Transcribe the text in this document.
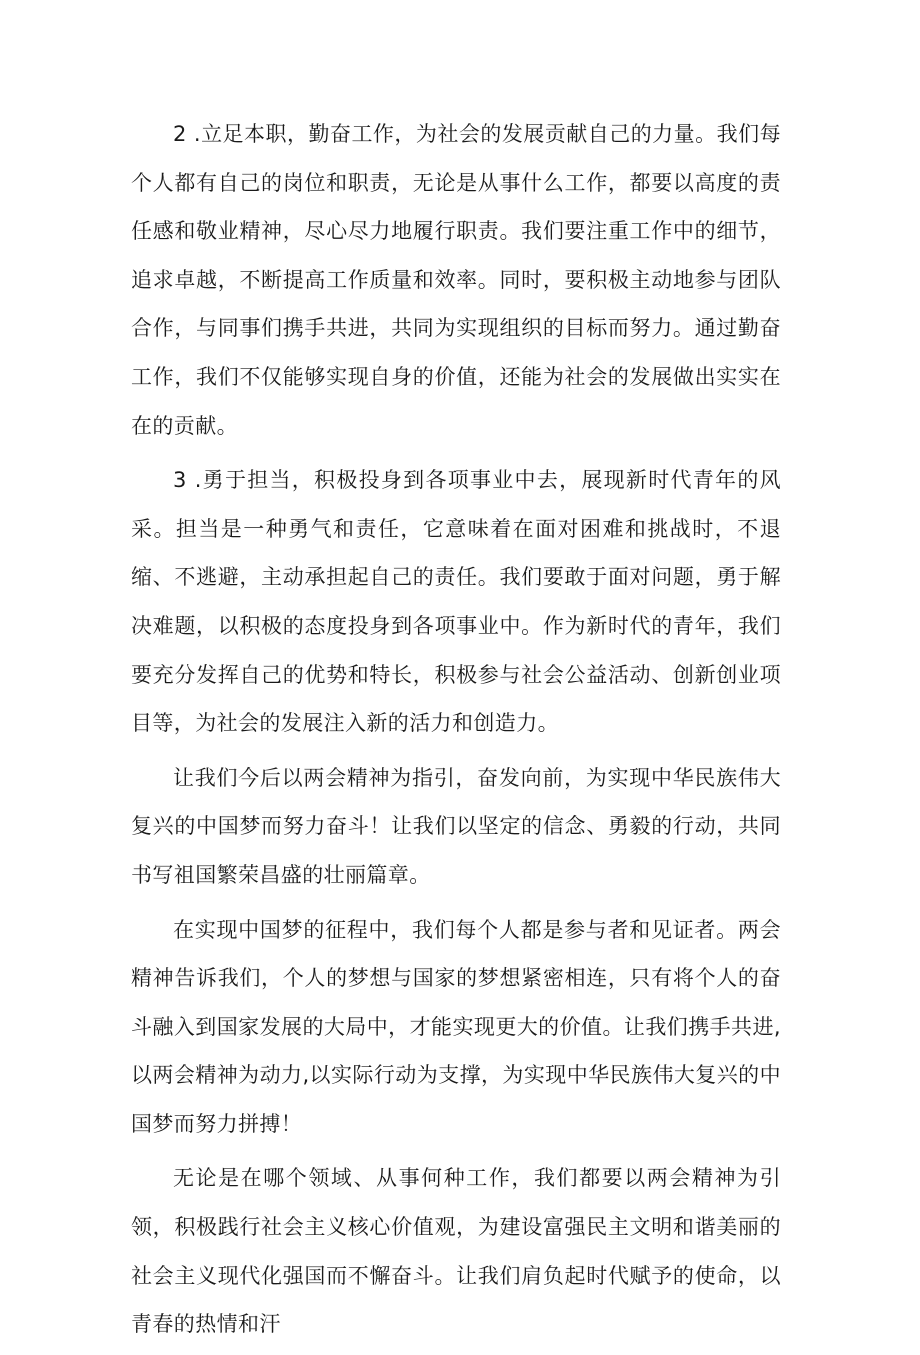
2 .立足本职，勤奋工作，为社会的发展贡献自己的力量。我们每个人都有自己的岗位和职责，无论是从事什么工作，都要以高度的责任感和敬业精神，尽心尽力地履行职责。我们要注重工作中的细节，追求卓越，不断提高工作质量和效率。同时，要积极主动地参与团队合作，与同事们携手共进，共同为实现组织的目标而努力。通过勤奋工作，我们不仅能够实现自身的价值，还能为社会的发展做出实实在在的贡献。

3 .勇于担当，积极投身到各项事业中去，展现新时代青年的风采。担当是一种勇气和责任，它意味着在面对困难和挑战时，不退缩、不逃避，主动承担起自己的责任。我们要敢于面对问题，勇于解决难题，以积极的态度投身到各项事业中。作为新时代的青年，我们要充分发挥自己的优势和特长，积极参与社会公益活动、创新创业项目等，为社会的发展注入新的活力和创造力。

让我们今后以两会精神为指引，奋发向前，为实现中华民族伟大复兴的中国梦而努力奋斗！让我们以坚定的信念、勇毅的行动，共同书写祖国繁荣昌盛的壮丽篇章。

在实现中国梦的征程中，我们每个人都是参与者和见证者。两会精神告诉我们，个人的梦想与国家的梦想紧密相连，只有将个人的奋斗融入到国家发展的大局中，才能实现更大的价值。让我们携手共进,以两会精神为动力,以实际行动为支撑，为实现中华民族伟大复兴的中国梦而努力拼搏！

无论是在哪个领域、从事何种工作，我们都要以两会精神为引领，积极践行社会主义核心价值观，为建设富强民主文明和谐美丽的社会主义现代化强国而不懈奋斗。让我们肩负起时代赋予的使命，以青春的热情和汗
